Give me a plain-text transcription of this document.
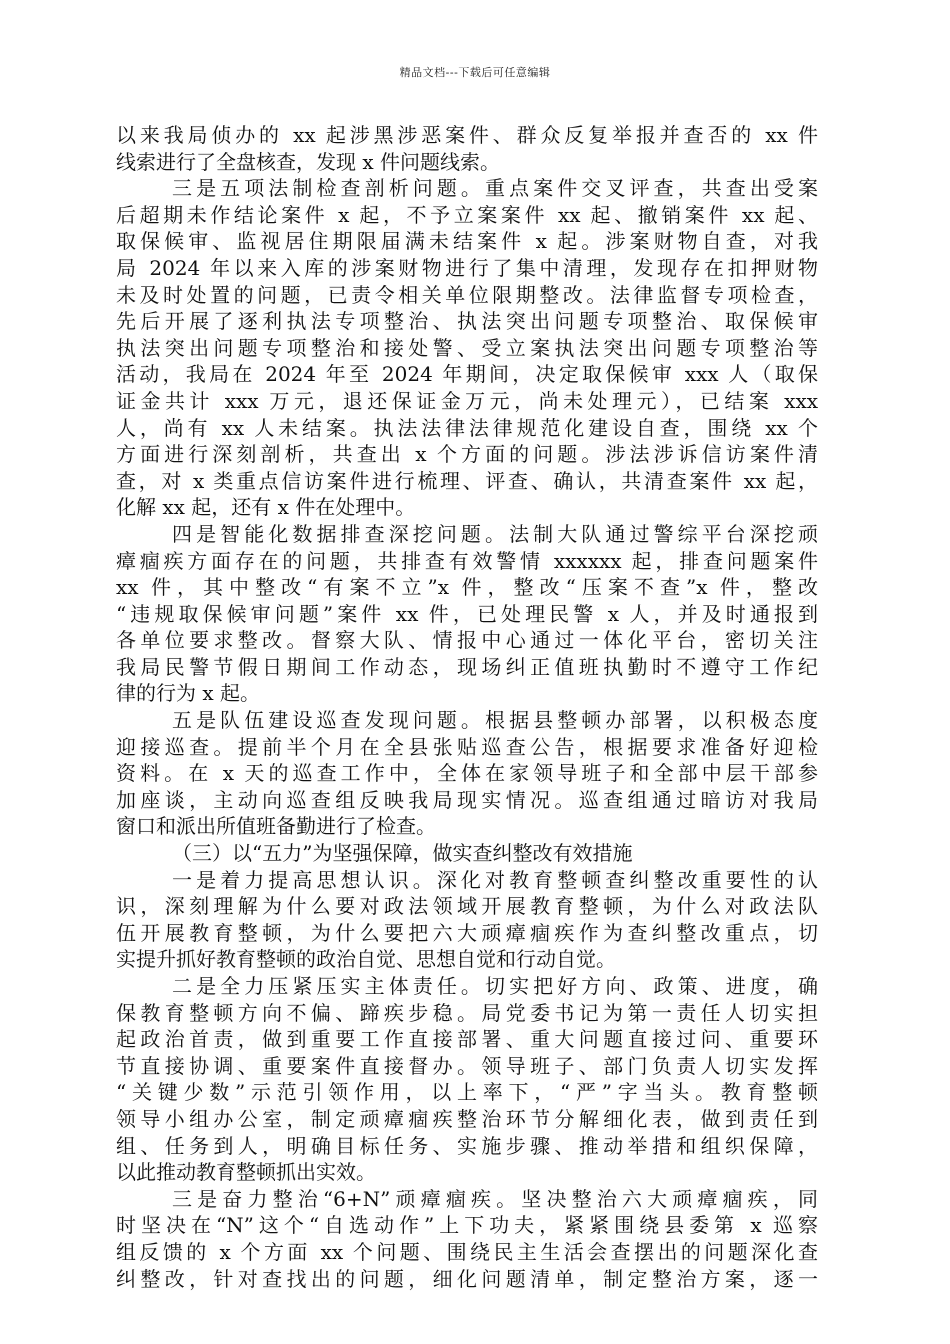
精品文档---下载后可任意编辑
以来我局侦办的 xx 起涉黑涉恶案件、群众反复举报并查否的 xx 件
线索进行了全盘核查，发现 x 件问题线索。
三是五项法制检查剖析问题。重点案件交叉评查，共查出受案
后超期未作结论案件 x 起，不予立案案件 xx 起、撤销案件 xx 起、
取保候审、监视居住期限届满未结案件 x 起。涉案财物自查，对我
局 2024 年以来入库的涉案财物进行了集中清理，发现存在扣押财物
未及时处置的问题，已责令相关单位限期整改。法律监督专项检查，
先后开展了逐利执法专项整治、执法突出问题专项整治、取保候审
执法突出问题专项整治和接处警、受立案执法突出问题专项整治等
活动，我局在 2024 年至 2024 年期间，决定取保候审 xxx 人（取保
证金共计 xxx 万元，退还保证金万元，尚未处理元），已结案 xxx
人，尚有 xx 人未结案。执法法律法律规范化建设自查，围绕 xx 个
方面进行深刻剖析，共查出 x 个方面的问题。涉法涉诉信访案件清
查，对 x 类重点信访案件进行梳理、评查、确认，共清查案件 xx 起，
化解 xx 起，还有 x 件在处理中。
四是智能化数据排查深挖问题。法制大队通过警综平台深挖顽
瘴痼疾方面存在的问题，共排查有效警情 xxxxxx 起，排查问题案件
xx 件，其中整改“有案不立”x 件，整改“压案不查”x 件，整改
“违规取保候审问题”案件 xx 件，已处理民警 x 人，并及时通报到
各单位要求整改。督察大队、情报中心通过一体化平台，密切关注
我局民警节假日期间工作动态，现场纠正值班执勤时不遵守工作纪
律的行为 x 起。
五是队伍建设巡查发现问题。根据县整顿办部署，以积极态度
迎接巡查。提前半个月在全县张贴巡查公告，根据要求准备好迎检
资料。在 x 天的巡查工作中，全体在家领导班子和全部中层干部参
加座谈，主动向巡查组反映我局现实情况。巡查组通过暗访对我局
窗口和派出所值班备勤进行了检查。
（三）以“五力”为坚强保障，做实查纠整改有效措施
一是着力提高思想认识。深化对教育整顿查纠整改重要性的认
识，深刻理解为什么要对政法领域开展教育整顿，为什么对政法队
伍开展教育整顿，为什么要把六大顽瘴痼疾作为查纠整改重点，切
实提升抓好教育整顿的政治自觉、思想自觉和行动自觉。
二是全力压紧压实主体责任。切实把好方向、政策、进度，确
保教育整顿方向不偏、蹄疾步稳。局党委书记为第一责任人切实担
起政治首责，做到重要工作直接部署、重大问题直接过问、重要环
节直接协调、重要案件直接督办。领导班子、部门负责人切实发挥
“关键少数”示范引领作用，以上率下，“严”字当头。教育整顿
领导小组办公室，制定顽瘴痼疾整治环节分解细化表，做到责任到
组、任务到人，明确目标任务、实施步骤、推动举措和组织保障，
以此推动教育整顿抓出实效。
三是奋力整治“6+N”顽瘴痼疾。坚决整治六大顽瘴痼疾，同
时坚决在“N”这个“自选动作”上下功夫，紧紧围绕县委第 x 巡察
组反馈的 x 个方面 xx 个问题、围绕民主生活会查摆出的问题深化查
纠整改，针对查找出的问题，细化问题清单，制定整治方案，逐一
